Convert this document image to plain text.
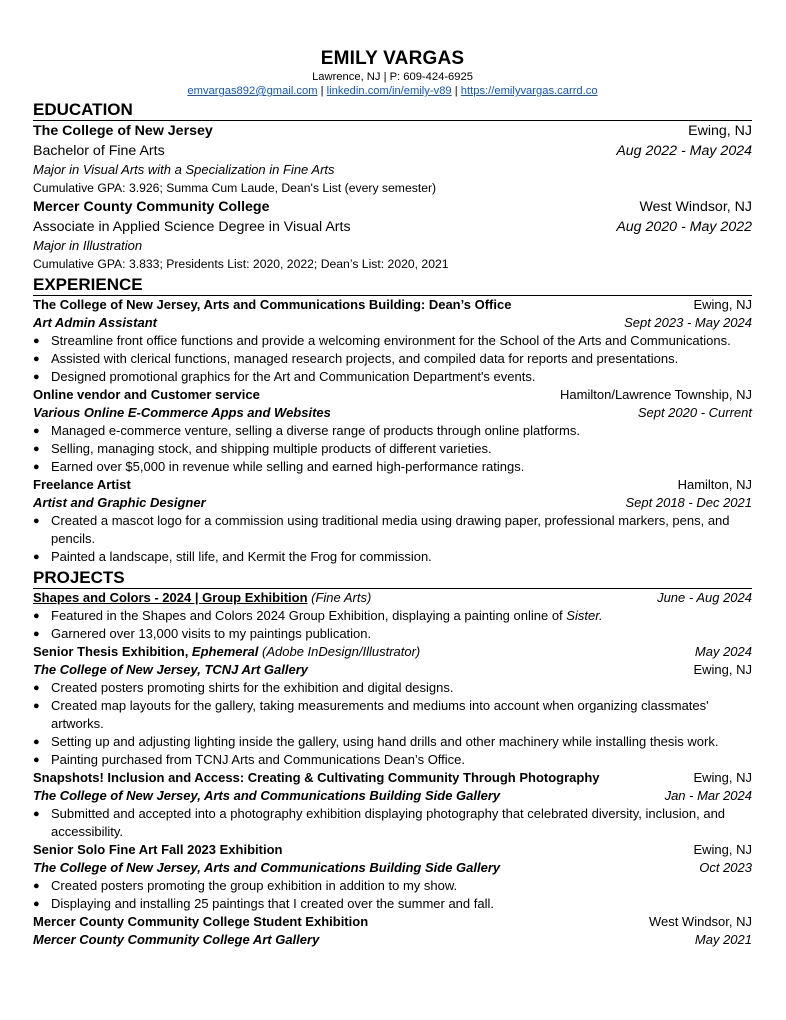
EMILY VARGAS
Lawrence, NJ | P: 609-424-6925
emvargas892@gmail.com | linkedin.com/in/emily-v89 | https://emilyvargas.carrd.co
EDUCATION
The College of New Jersey	Ewing, NJ
Bachelor of Fine Arts	Aug 2022 - May 2024
Major in Visual Arts with a Specialization in Fine Arts
Cumulative GPA: 3.926; Summa Cum Laude, Dean's List (every semester)
Mercer County Community College	West Windsor, NJ
Associate in Applied Science Degree in Visual Arts	Aug 2020 - May 2022
Major in Illustration
Cumulative GPA: 3.833; Presidents List: 2020, 2022; Dean’s List: 2020, 2021
EXPERIENCE
The College of New Jersey, Arts and Communications Building: Dean’s Office	Ewing, NJ
Art Admin Assistant	Sept 2023 - May 2024
● Streamline front office functions and provide a welcoming environment for the School of the Arts and Communications.
● Assisted with clerical functions, managed research projects, and compiled data for reports and presentations.
● Designed promotional graphics for the Art and Communication Department's events.
Online vendor and Customer service	Hamilton/Lawrence Township, NJ
Various Online E-Commerce Apps and Websites	Sept 2020 - Current
● Managed e-commerce venture, selling a diverse range of products through online platforms.
● Selling, managing stock, and shipping multiple products of different varieties.
● Earned over $5,000 in revenue while selling and earned high-performance ratings.
Freelance Artist	Hamilton, NJ
Artist and Graphic Designer	Sept 2018 - Dec 2021
● Created a mascot logo for a commission using traditional media using drawing paper, professional markers, pens, and pencils.
● Painted a landscape, still life, and Kermit the Frog for commission.
PROJECTS
Shapes and Colors - 2024 | Group Exhibition (Fine Arts)	June - Aug 2024
● Featured in the Shapes and Colors 2024 Group Exhibition, displaying a painting online of Sister.
● Garnered over 13,000 visits to my paintings publication.
Senior Thesis Exhibition, Ephemeral (Adobe InDesign/Illustrator)	May 2024
The College of New Jersey, TCNJ Art Gallery	Ewing, NJ
● Created posters promoting shirts for the exhibition and digital designs.
● Created map layouts for the gallery, taking measurements and mediums into account when organizing classmates' artworks.
● Setting up and adjusting lighting inside the gallery, using hand drills and other machinery while installing thesis work.
● Painting purchased from TCNJ Arts and Communications Dean’s Office.
Snapshots! Inclusion and Access: Creating & Cultivating Community Through Photography	Ewing, NJ
The College of New Jersey, Arts and Communications Building Side Gallery	Jan - Mar 2024
● Submitted and accepted into a photography exhibition displaying photography that celebrated diversity, inclusion, and accessibility.
Senior Solo Fine Art Fall 2023 Exhibition	Ewing, NJ
The College of New Jersey, Arts and Communications Building Side Gallery	Oct 2023
● Created posters promoting the group exhibition in addition to my show.
● Displaying and installing 25 paintings that I created over the summer and fall.
Mercer County Community College Student Exhibition	West Windsor, NJ
Mercer County Community College Art Gallery	May 2021
